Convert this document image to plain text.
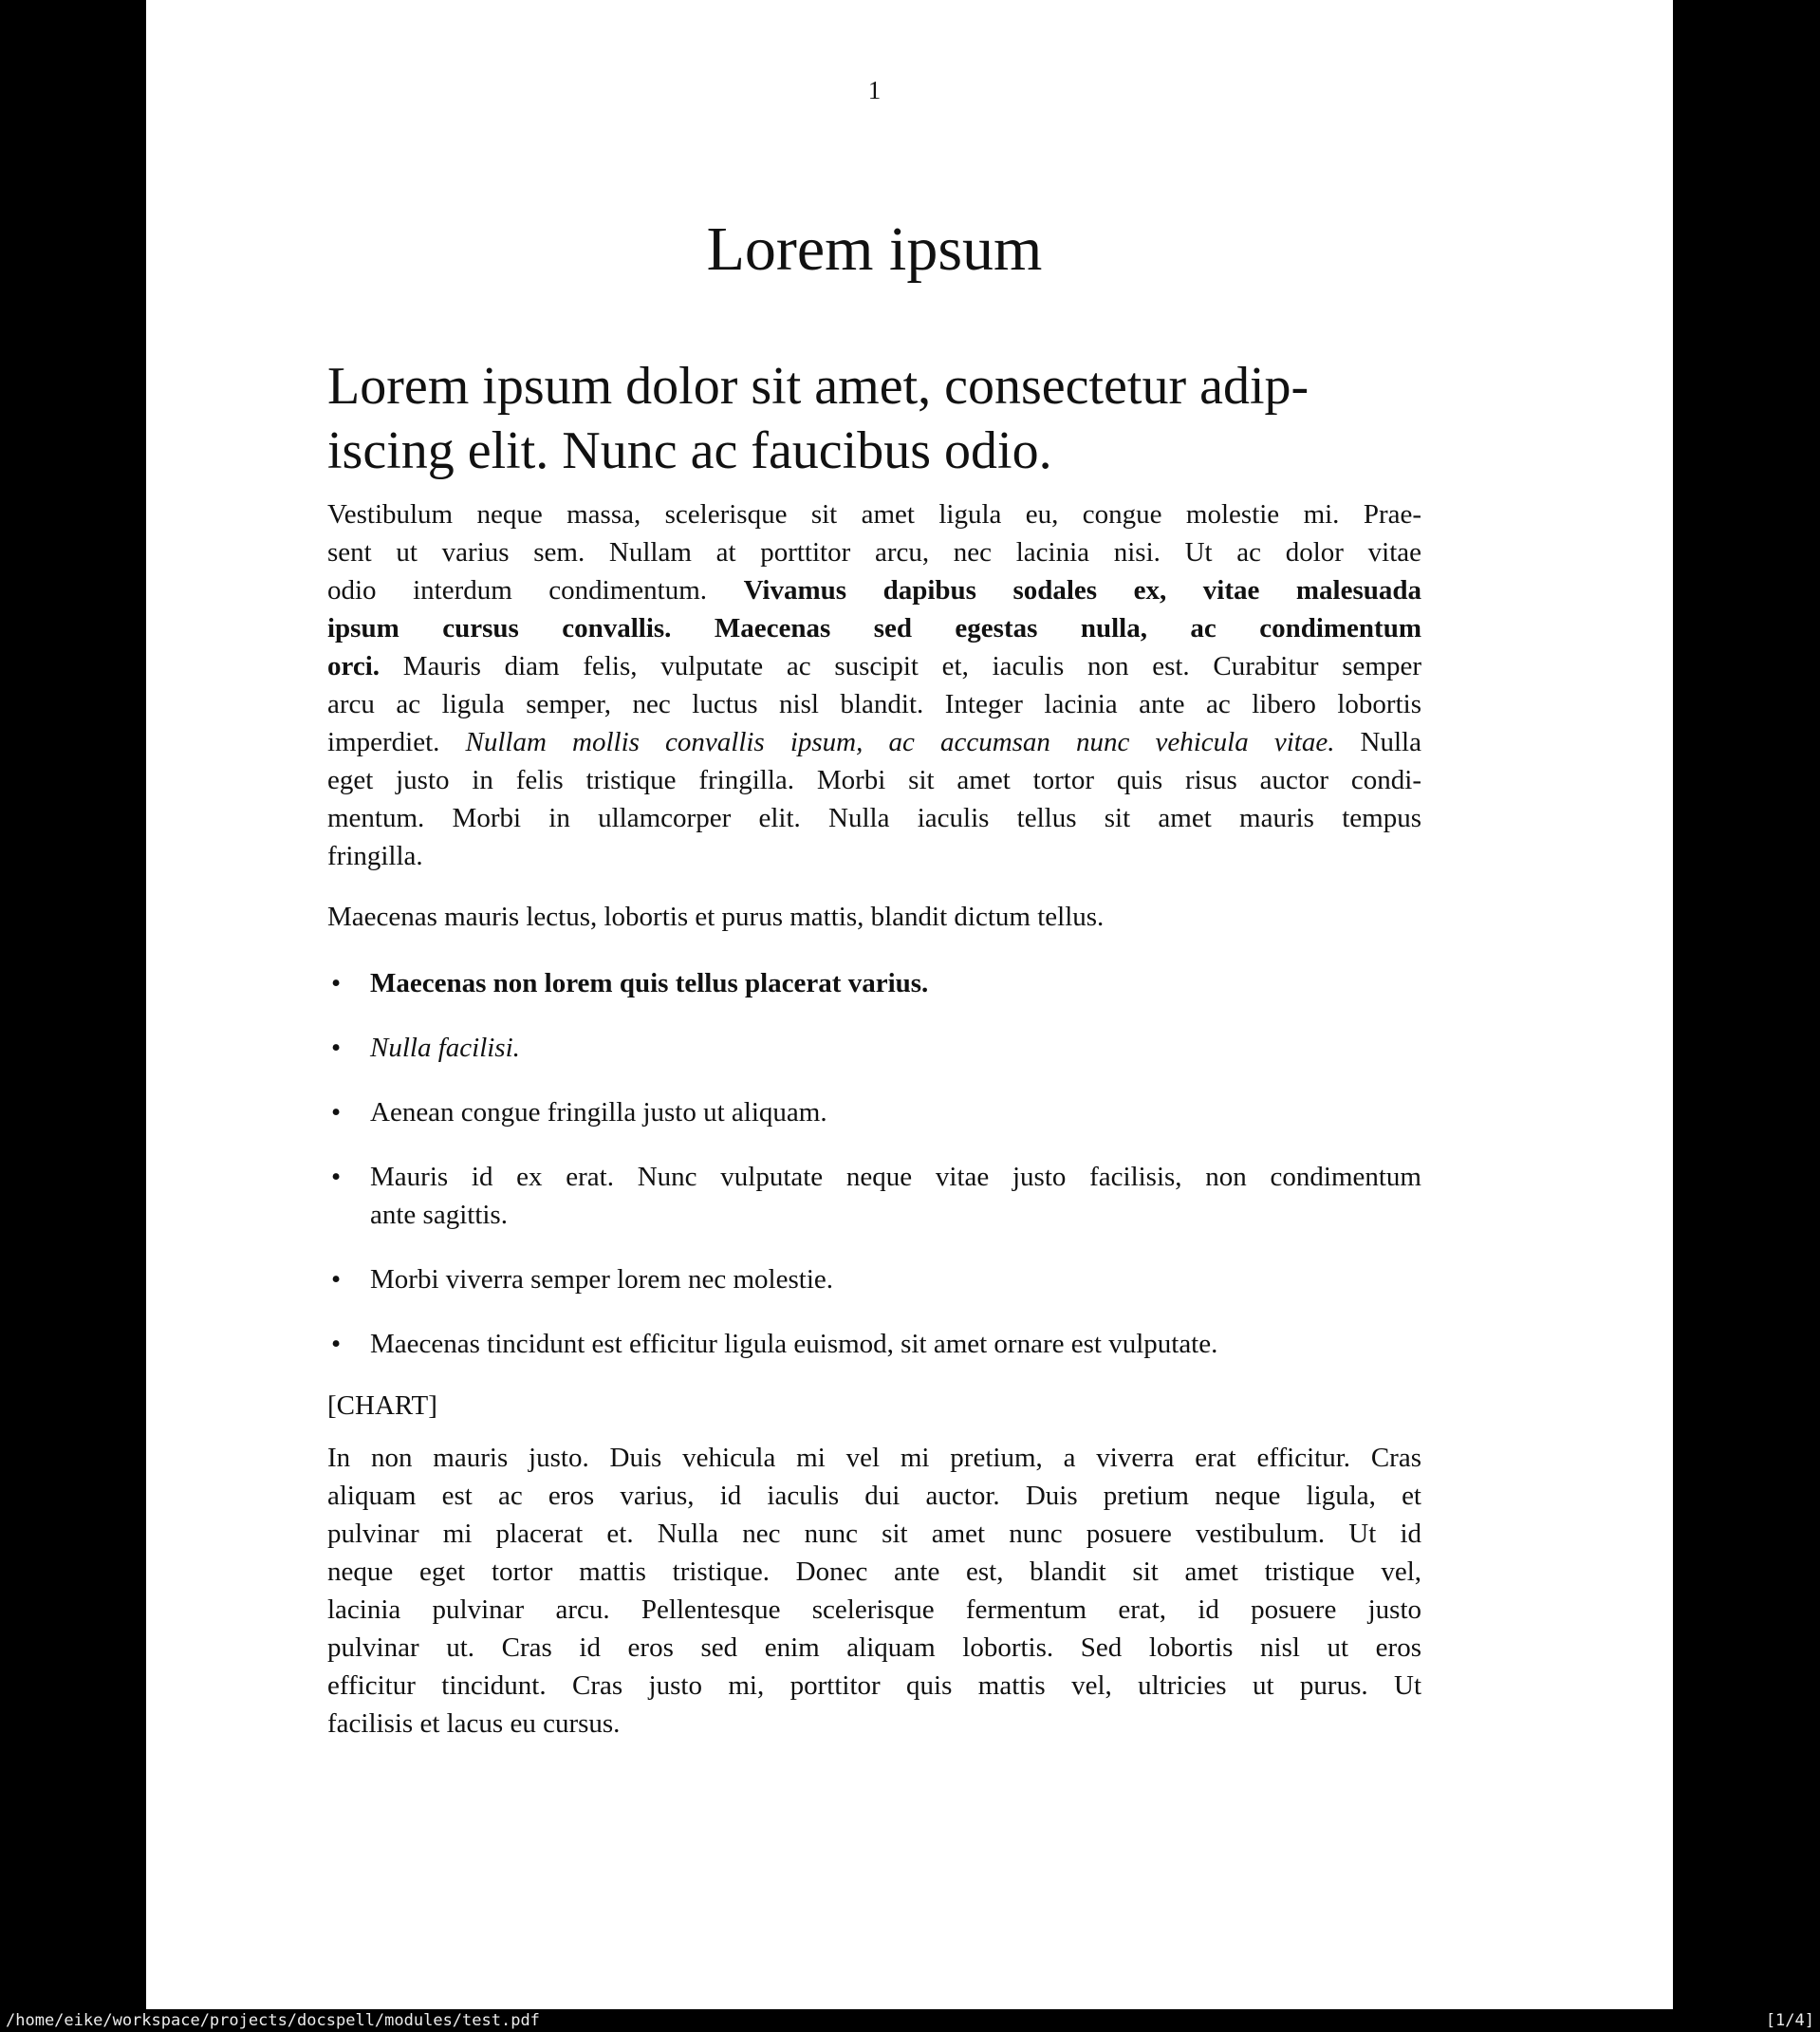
1
Lorem ipsum
Lorem ipsum dolor sit amet, consectetur adip-
iscing elit. Nunc ac faucibus odio.
Vestibulum neque massa, scelerisque sit amet ligula eu, congue molestie mi. Prae-
sent ut varius sem. Nullam at porttitor arcu, nec lacinia nisi. Ut ac dolor vitae
odio interdum condimentum. Vivamus dapibus sodales ex, vitae malesuada
ipsum cursus convallis. Maecenas sed egestas nulla, ac condimentum
orci. Mauris diam felis, vulputate ac suscipit et, iaculis non est. Curabitur semper
arcu ac ligula semper, nec luctus nisl blandit. Integer lacinia ante ac libero lobortis
imperdiet. Nullam mollis convallis ipsum, ac accumsan nunc vehicula vitae. Nulla
eget justo in felis tristique fringilla. Morbi sit amet tortor quis risus auctor condi-
mentum. Morbi in ullamcorper elit. Nulla iaculis tellus sit amet mauris tempus
fringilla.
Maecenas mauris lectus, lobortis et purus mattis, blandit dictum tellus.
• Maecenas non lorem quis tellus placerat varius.
• Nulla facilisi.
• Aenean congue fringilla justo ut aliquam.
• Mauris id ex erat. Nunc vulputate neque vitae justo facilisis, non condimentum
ante sagittis.
• Morbi viverra semper lorem nec molestie.
• Maecenas tincidunt est efficitur ligula euismod, sit amet ornare est vulputate.
[CHART]
In non mauris justo. Duis vehicula mi vel mi pretium, a viverra erat efficitur. Cras
aliquam est ac eros varius, id iaculis dui auctor. Duis pretium neque ligula, et
pulvinar mi placerat et. Nulla nec nunc sit amet nunc posuere vestibulum. Ut id
neque eget tortor mattis tristique. Donec ante est, blandit sit amet tristique vel,
lacinia pulvinar arcu. Pellentesque scelerisque fermentum erat, id posuere justo
pulvinar ut. Cras id eros sed enim aliquam lobortis. Sed lobortis nisl ut eros
efficitur tincidunt. Cras justo mi, porttitor quis mattis vel, ultricies ut purus. Ut
facilisis et lacus eu cursus.
/home/eike/workspace/projects/docspell/modules/test.pdf	[1/4]
